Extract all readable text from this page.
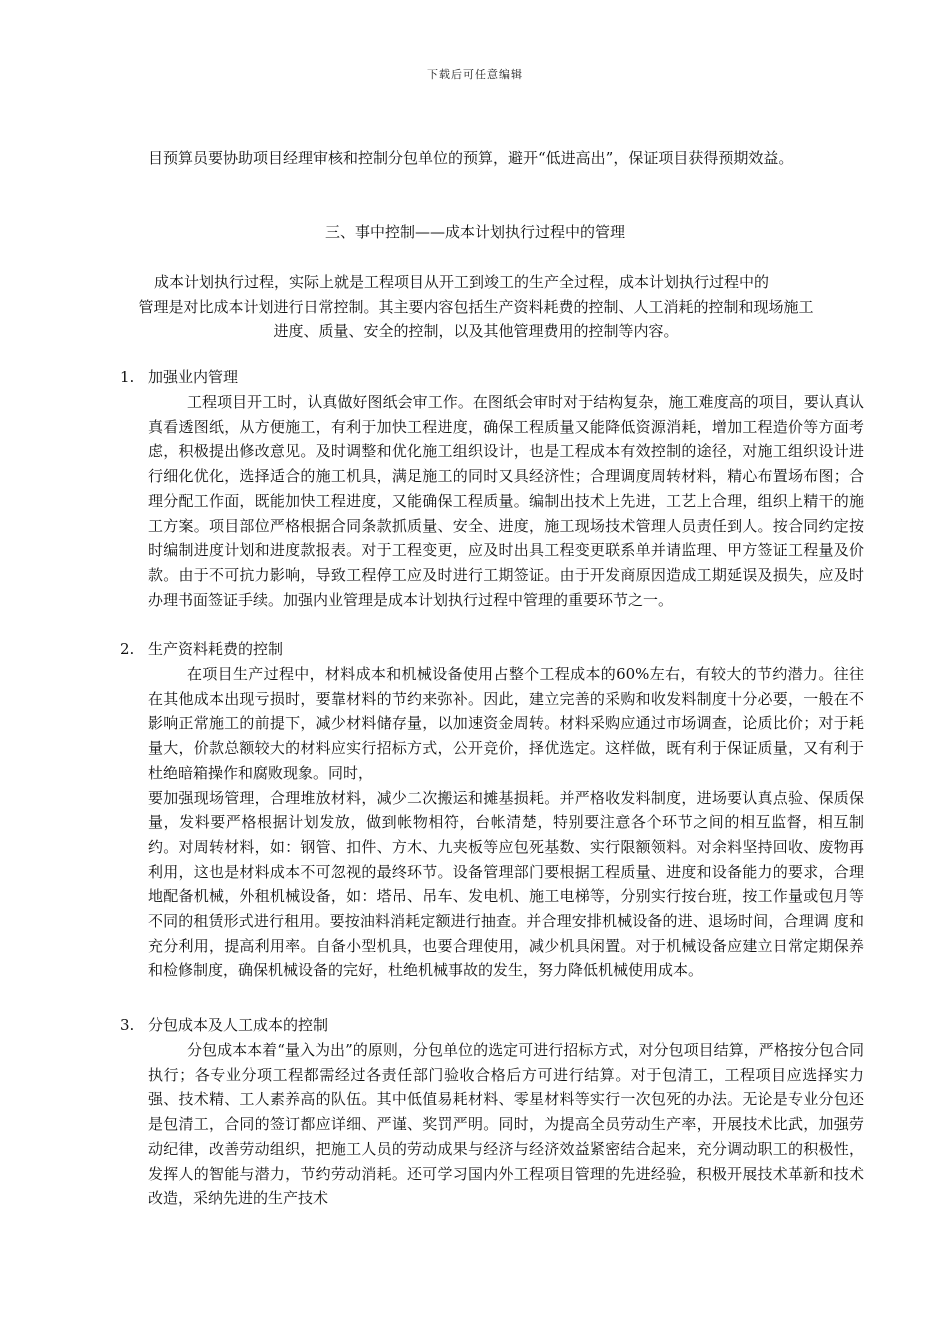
下载后可任意编辑
目预算员要协助项目经理审核和控制分包单位的预算，避开“低进高出”，保证项目获得预期效益。
三、事中控制——成本计划执行过程中的管理
成本计划执行过程，实际上就是工程项目从开工到竣工的生产全过程，成本计划执行过程中的
管理是对比成本计划进行日常控制。其主要内容包括生产资料耗费的控制、人工消耗的控制和现场施工
进度、质量、安全的控制，以及其他管理费用的控制等内容。
1. 加强业内管理

工程项目开工时，认真做好图纸会审工作。在图纸会审时对于结构复杂，施工难度高的项目，要认真认真看透图纸，从方便施工，有利于加快工程进度，确保工程质量又能降低资源消耗，增加工程造价等方面考虑，积极提出修改意见。及时调整和优化施工组织设计，也是工程成本有效控制的途径，对施工组织设计进行细化优化，选择适合的施工机具，满足施工的同时又具经济性；合理调度周转材料，精心布置场布图；合理分配工作面，既能加快工程进度，又能确保工程质量。编制出技术上先进，工艺上合理，组织上精干的施工方案。项目部位严格根据合同条款抓质量、安全、进度，施工现场技术管理人员责任到人。按合同约定按时编制进度计划和进度款报表。对于工程变更，应及时出具工程变更联系单并请监理、甲方签证工程量及价款。由于不可抗力影响，导致工程停工应及时进行工期签证。由于开发商原因造成工期延误及损失，应及时办理书面签证手续。加强内业管理是成本计划执行过程中管理的重要环节之一。

2. 生产资料耗费的控制

在项目生产过程中，材料成本和机械设备使用占整个工程成本的60%左右，有较大的节约潜力。往往在其他成本出现亏损时，要靠材料的节约来弥补。因此，建立完善的采购和收发料制度十分必要，一般在不影响正常施工的前提下，减少材料储存量，以加速资金周转。材料采购应通过市场调查，论质比价；对于耗量大，价款总额较大的材料应实行招标方式，公开竞价，择优选定。这样做，既有利于保证质量，又有利于杜绝暗箱操作和腐败现象。同时，

要加强现场管理，合理堆放材料，减少二次搬运和摊基损耗。并严格收发料制度，进场要认真点验、保质保量，发料要严格根据计划发放，做到帐物相符，台帐清楚，特别要注意各个环节之间的相互监督，相互制约。对周转材料，如：钢管、扣件、方木、九夹板等应包死基数、实行限额领料。对余料坚持回收、废物再利用，这也是材料成本不可忽视的最终环节。设备管理部门要根据工程质量、进度和设备能力的要求，合理地配备机械，外租机械设备，如：塔吊、吊车、发电机、施工电梯等，分别实行按台班，按工作量或包月等不同的租赁形式进行租用。要按油料消耗定额进行抽查。并合理安排机械设备的进、退场时间，合理调 度和充分利用，提高利用率。自备小型机具，也要合理使用，减少机具闲置。对于机械设备应建立日常定期保养和检修制度，确保机械设备的完好，杜绝机械事故的发生，努力降低机械使用成本。

3. 分包成本及人工成本的控制

分包成本本着“量入为出”的原则，分包单位的选定可进行招标方式，对分包项目结算，严格按分包合同执行；各专业分项工程都需经过各责任部门验收合格后方可进行结算。对于包清工，工程项目应选择实力强、技术精、工人素养高的队伍。其中低值易耗材料、零星材料等实行一次包死的办法。无论是专业分包还是包清工，合同的签订都应详细、严谨、奖罚严明。同时，为提高全员劳动生产率，开展技术比武，加强劳动纪律，改善劳动组织，把施工人员的劳动成果与经济与经济效益紧密结合起来，充分调动职工的积极性，发挥人的智能与潜力，节约劳动消耗。还可学习国内外工程项目管理的先进经验，积极开展技术革新和技术改造，采纳先进的生产技术
